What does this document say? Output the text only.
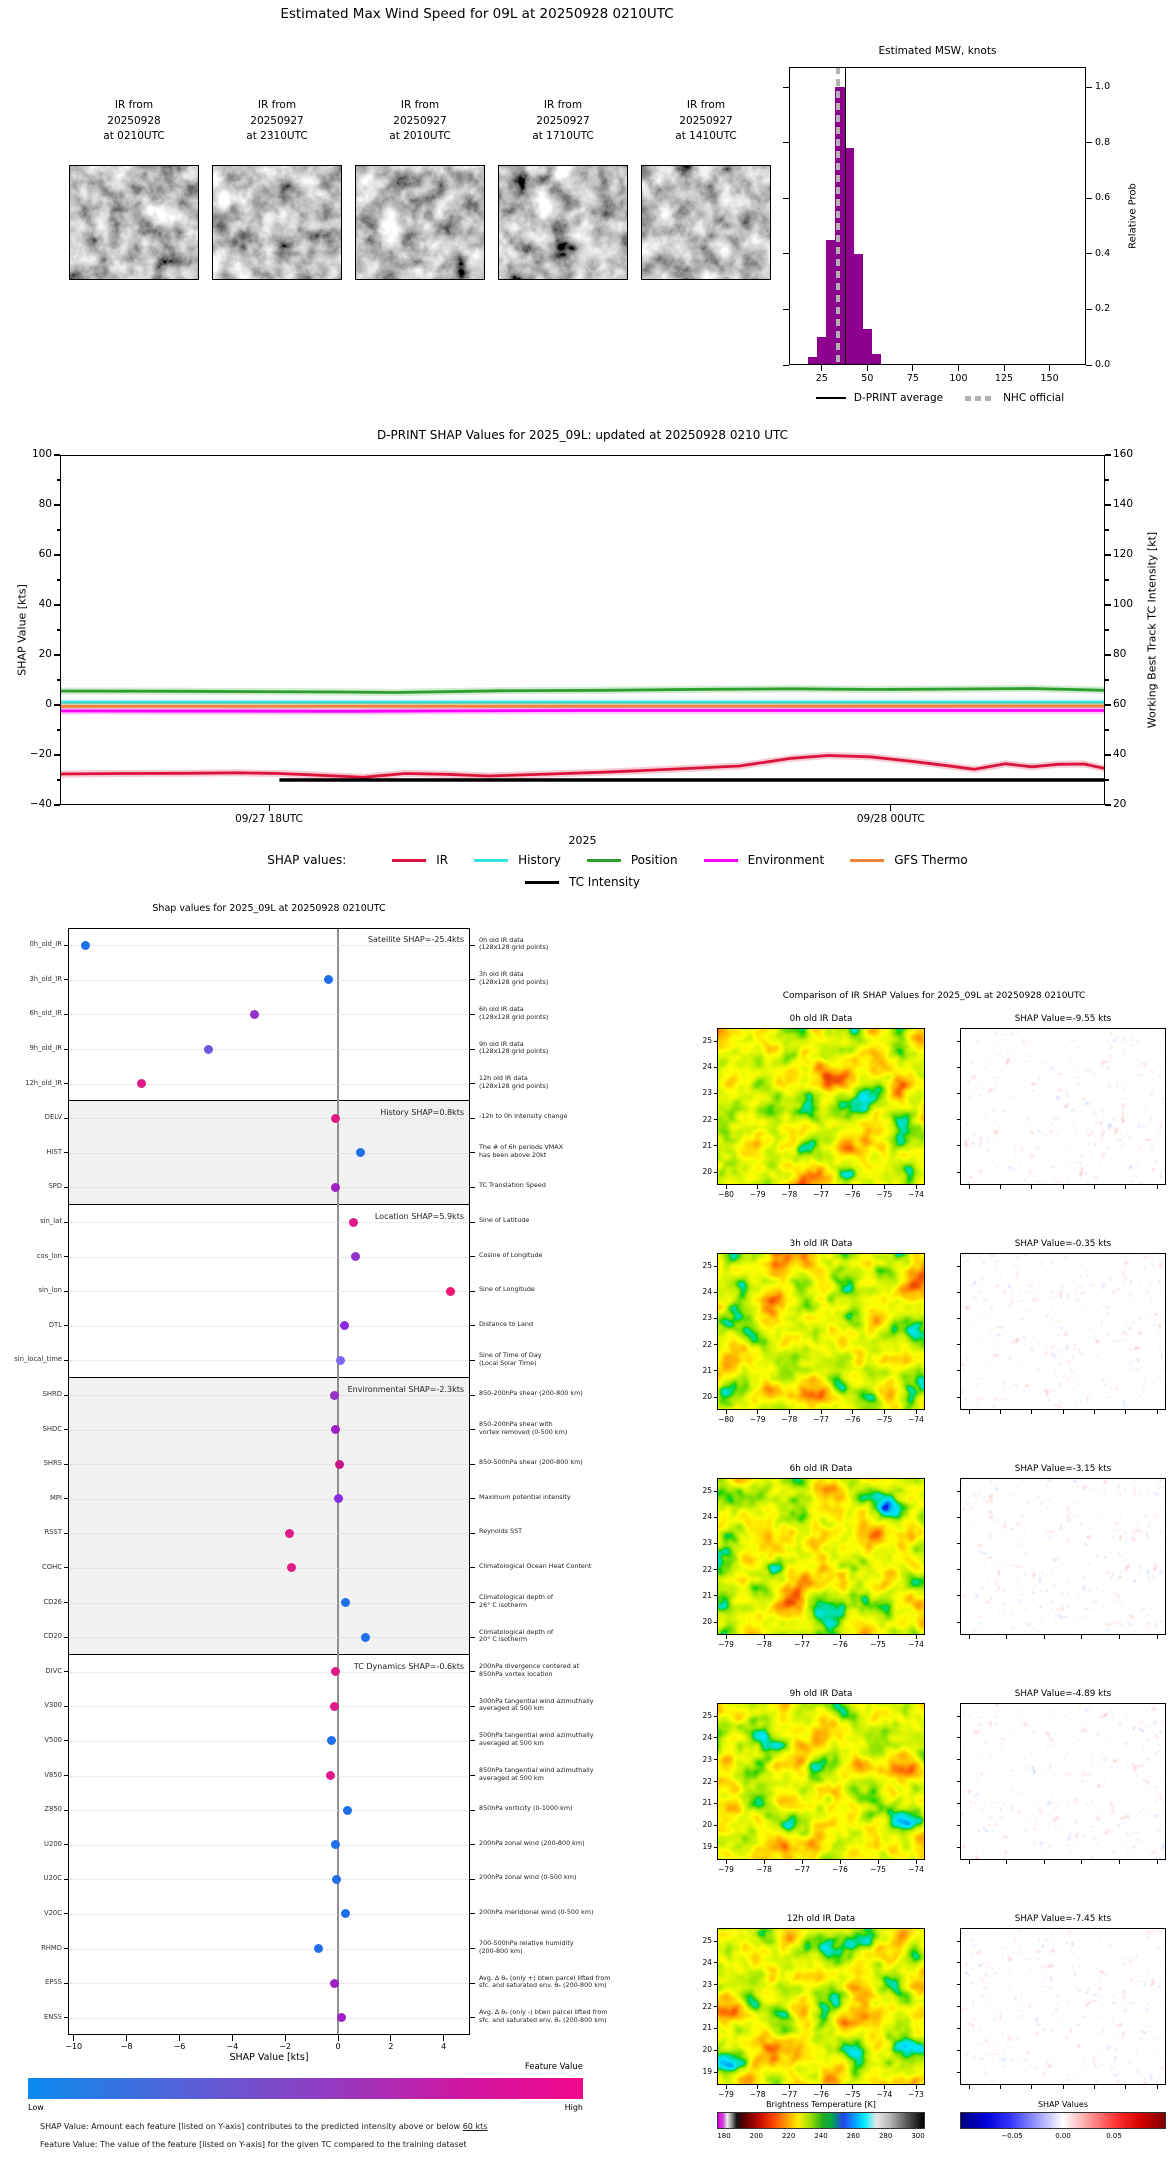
Estimated Max Wind Speed for 09L at 20250928 0210UTC
Estimated MSW, knots
Relative Prob
D-PRINT SHAP Values for 2025_09L: updated at 20250928 0210 UTC
SHAP Value [kts]	Working Best Track TC Intensity [kt]
2025
Shap values for 2025_09L at 20250928 0210UTC
SHAP Value [kts]
Feature Value
Low	High
SHAP Value: Amount each feature [listed on Y-axis] contributes to the predicted intensity above or below 60 kts
Feature Value: The value of the feature [listed on Y-axis] for the given TC compared to the training dataset
Comparison of IR SHAP Values for 2025_09L at 20250928 0210UTC
0h old IR Data	SHAP Value=-9.55 kts
3h old IR Data	SHAP Value=-0.35 kts
6h old IR Data	SHAP Value=-3.15 kts
9h old IR Data	SHAP Value=-4.89 kts
12h old IR Data	SHAP Value=-7.45 kts
Brightness Temperature [K]	SHAP Values
IR from
20250928
at 0210UTC
IR from
20250927
at 2310UTC
IR from
20250927
at 2010UTC
IR from
20250927
at 1710UTC
IR from
20250927
at 1410UTC
0.0
0.2
0.4
0.6
0.8
1.0
25	50	75	100	125	150
D-PRINT average	NHC official
−40
−20
0
20
40
60
80
100
20
40
60
80
100
120
140
160
09/27 18UTC	09/28 00UTC
SHAP values:	IR	History	Position	Environment	GFS Thermo
TC Intensity
0h_old_IR
0h old IR data
(128x128 grid points)
3h_old_IR
3h old IR data
(128x128 grid points)
6h_old_IR
6h old IR data
(128x128 grid points)
9h_old_IR
9h old IR data
(128x128 grid points)
12h_old_IR
12h old IR data
(128x128 grid points)
DELV	-12h to 0h Intensity change
HIST
The # of 6h periods VMAX
has been above 20kt
SPD	TC Translation Speed
sin_lat	Sine of Latitude
cos_lon	Cosine of Longitude
sin_lon	Sine of Longitude
DTL	Distance to Land
sin_local_time
Sine of Time of Day
(Local Solar Time)
SHRD	850-200hPa shear (200-800 km)
SHDC
850-200hPa shear with
vortex removed (0-500 km)
SHRS	850-500hPa shear (200-800 km)
MPI	Maximum potential intensity
RSST	Reynolds SST
COHC	Climatological Ocean Heat Content
CD26
Climatological depth of
26° C isotherm
CD20
Climatological depth of
20° C isotherm
DIVC
200hPa divergence centered at
850hPa vortex location
V300
300hPa tangential wind azimuthally
averaged at 500 km
V500
500hPa tangential wind azimuthally
averaged at 500 km
V850
850hPa tangential wind azimuthally
averaged at 500 km
Z850	850hPa vorticity (0-1000 km)
U200	200hPa zonal wind (200-800 km)
U20C	200hPa zonal wind (0-500 km)
V20C	200hPa meridional wind (0-500 km)
RHMD
700-500hPa relative humidity
(200-800 km)
EPSS
Avg. Δ θₑ (only +) btwn parcel lifted from
sfc. and saturated env. θₑ (200-800 km)
ENSS
Avg. Δ θₑ (only -) btwn parcel lifted from
sfc. and saturated env. θₑ (200-800 km)
Satellite SHAP=-25.4kts
History SHAP=0.8kts
Location SHAP=5.9kts
Environmental SHAP=-2.3kts
TC Dynamics SHAP=-0.6kts
−10	−8	−6	−4	−2	0	2	4
25
24
23
22
21
20
−80 −79 −78 −77 −76 −75 −74
25
24
23
22
21
20
−80 −79 −78 −77 −76 −75 −74
25
24
23
22
21
20
−79	−78	−77	−76	−75	−74
25
24
23
22
21
20
19
−79	−78	−77	−76	−75	−74
25
24
23
22
21
20
19
−79 −78 −77 −76 −75 −74 −73
180	200	220	240	260	280	300	−0.05	0.00	0.05
